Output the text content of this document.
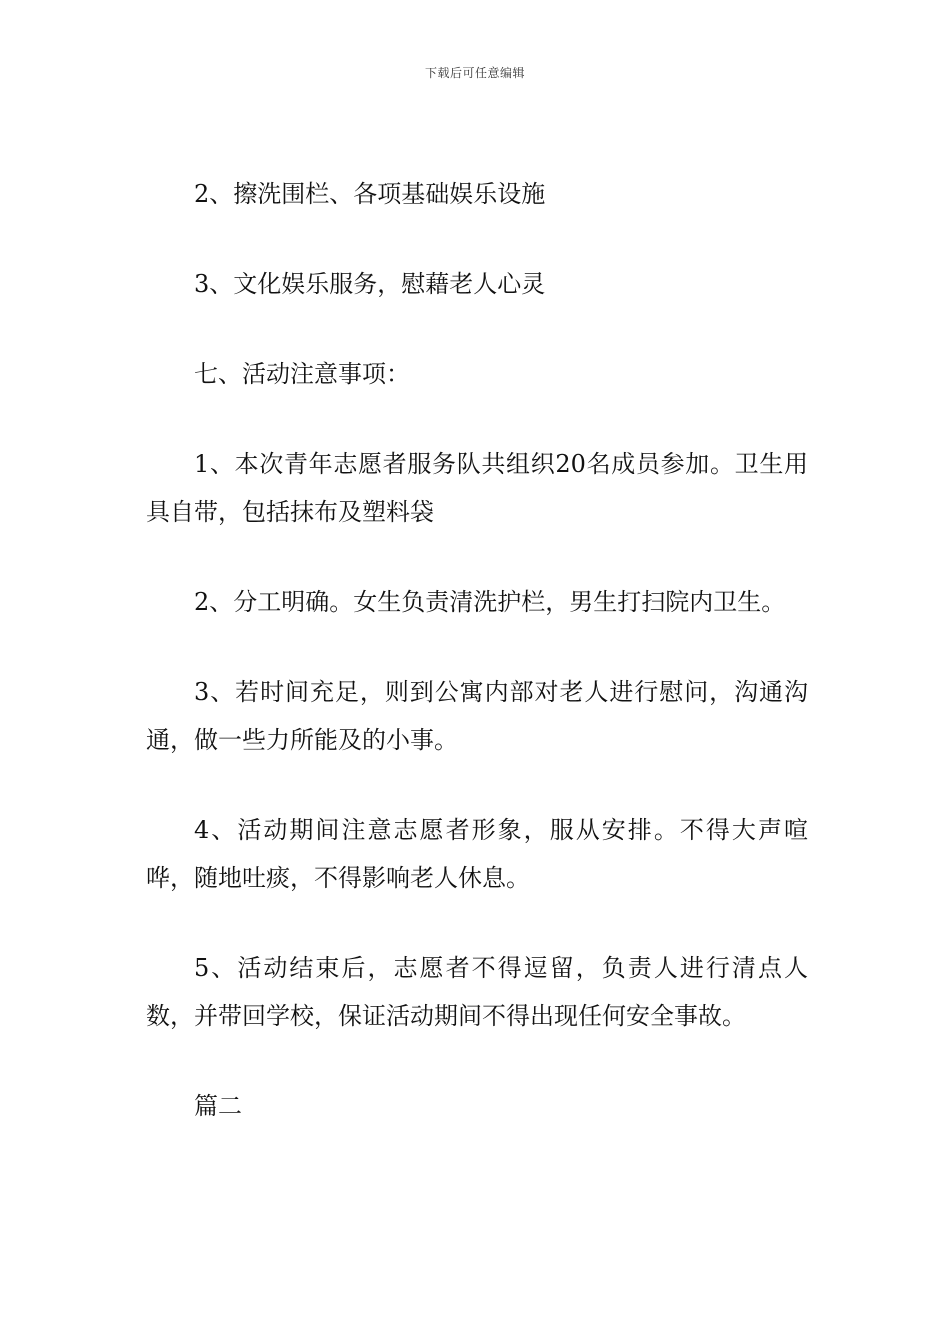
下载后可任意编辑

2、擦洗围栏、各项基础娱乐设施

3、文化娱乐服务，慰藉老人心灵

七、活动注意事项：

1、本次青年志愿者服务队共组织20名成员参加。卫生用具自带，包括抹布及塑料袋

2、分工明确。女生负责清洗护栏，男生打扫院内卫生。

3、若时间充足，则到公寓内部对老人进行慰问，沟通沟通，做一些力所能及的小事。

4、活动期间注意志愿者形象，服从安排。不得大声喧哗，随地吐痰，不得影响老人休息。

5、活动结束后，志愿者不得逗留，负责人进行清点人数，并带回学校，保证活动期间不得出现任何安全事故。

篇二
